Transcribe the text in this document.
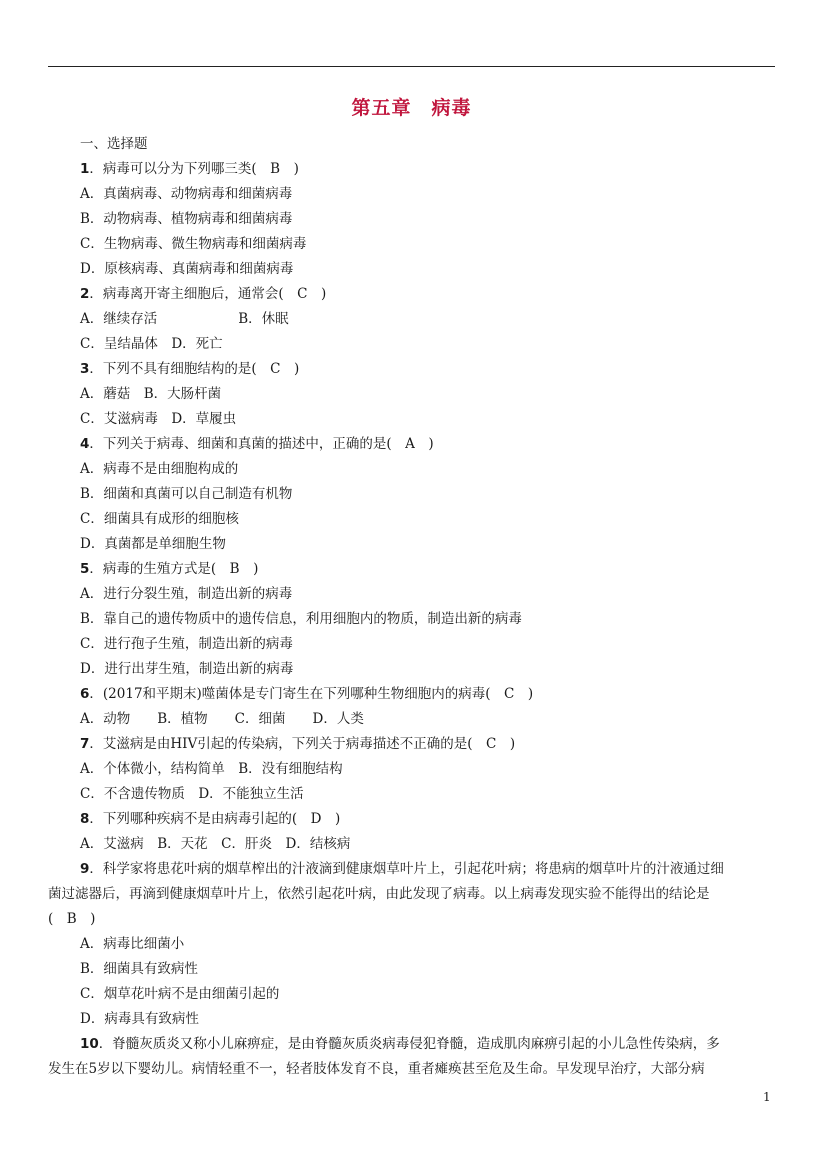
第五章　病毒
一、选择题
1．病毒可以分为下列哪三类(　B　)
A．真菌病毒、动物病毒和细菌病毒
B．动物病毒、植物病毒和细菌病毒
C．生物病毒、微生物病毒和细菌病毒
D．原核病毒、真菌病毒和细菌病毒
2．病毒离开寄主细胞后，通常会(　C　)
A．继续存活　　　　　　B．休眠
C．呈结晶体　D．死亡
3．下列不具有细胞结构的是(　C　)
A．蘑菇　B．大肠杆菌
C．艾滋病毒　D．草履虫
4．下列关于病毒、细菌和真菌的描述中，正确的是(　A　)
A．病毒不是由细胞构成的
B．细菌和真菌可以自己制造有机物
C．细菌具有成形的细胞核
D．真菌都是单细胞生物
5．病毒的生殖方式是(　B　)
A．进行分裂生殖，制造出新的病毒
B．靠自己的遗传物质中的遗传信息，利用细胞内的物质，制造出新的病毒
C．进行孢子生殖，制造出新的病毒
D．进行出芽生殖，制造出新的病毒
6．(2017和平期末)噬菌体是专门寄生在下列哪种生物细胞内的病毒(　C　)
A．动物　　B．植物　　C．细菌　　D．人类
7．艾滋病是由HIV引起的传染病，下列关于病毒描述不正确的是(　C　)
A．个体微小，结构简单　B．没有细胞结构
C．不含遗传物质　D．不能独立生活
8．下列哪种疾病不是由病毒引起的(　D　)
A．艾滋病　B．天花　C．肝炎　D．结核病
9．科学家将患花叶病的烟草榨出的汁液滴到健康烟草叶片上，引起花叶病；将患病的烟草叶片的汁液通过细
菌过滤器后，再滴到健康烟草叶片上，依然引起花叶病，由此发现了病毒。以上病毒发现实验不能得出的结论是
(　B　)
A．病毒比细菌小
B．细菌具有致病性
C．烟草花叶病不是由细菌引起的
D．病毒具有致病性
10．脊髓灰质炎又称小儿麻痹症，是由脊髓灰质炎病毒侵犯脊髓，造成肌肉麻痹引起的小儿急性传染病，多
发生在5岁以下婴幼儿。病情轻重不一，轻者肢体发育不良，重者瘫痪甚至危及生命。早发现早治疗，大部分病
1
